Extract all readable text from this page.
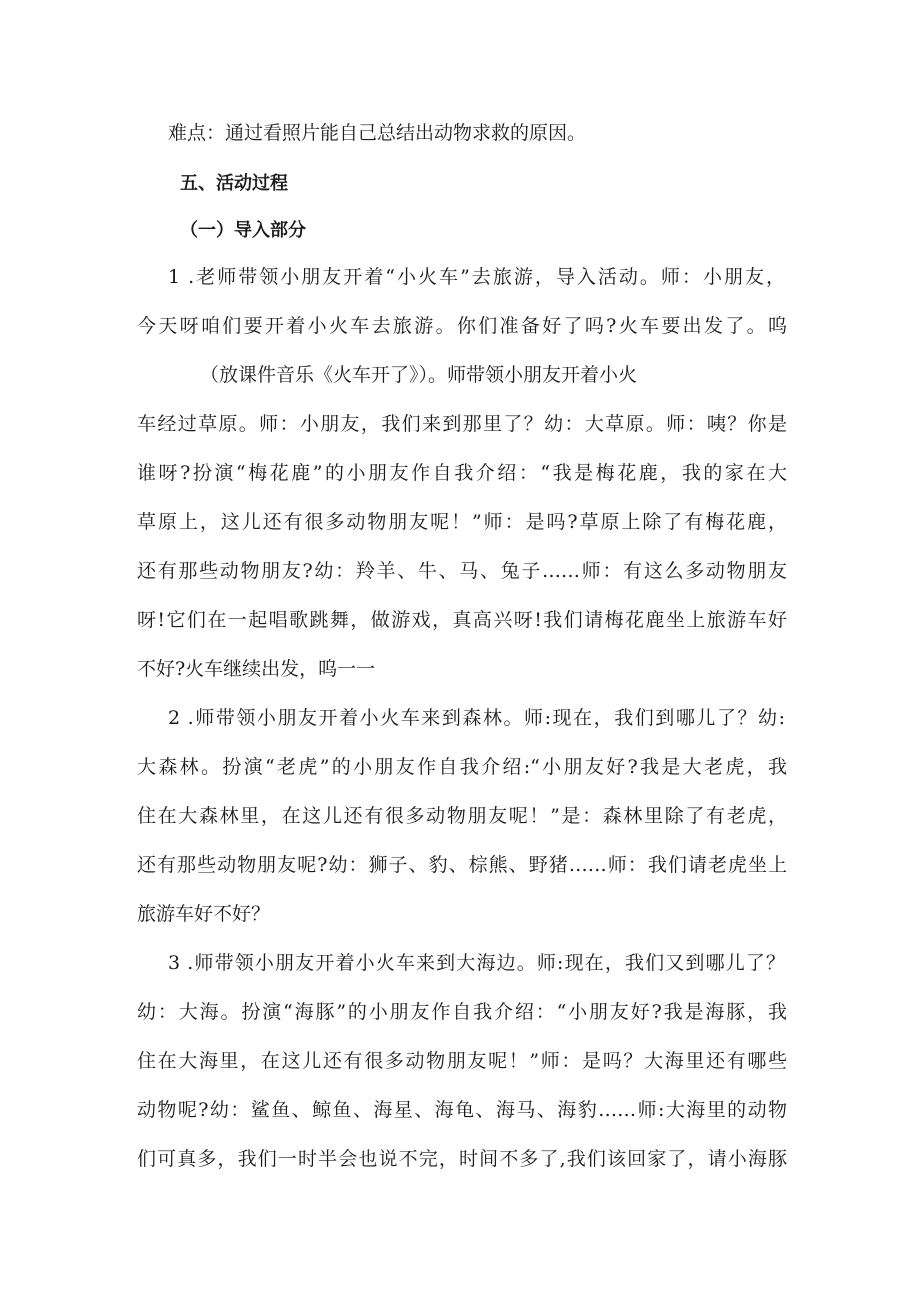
难点：通过看照片能自己总结出动物求救的原因。
五、活动过程
（一）导入部分
1 .老师带领小朋友开着“小火车”去旅游，导入活动。师：小朋友，
今天呀咱们要开着小火车去旅游。你们准备好了吗?火车要出发了。呜
（放课件音乐《火车开了》）。师带领小朋友开着小火
车经过草原。师：小朋友，我们来到那里了？幼：大草原。师：咦？你是
谁呀?扮演“梅花鹿”的小朋友作自我介绍：“我是梅花鹿，我的家在大
草原上，这儿还有很多动物朋友呢！”师：是吗?草原上除了有梅花鹿，
还有那些动物朋友?幼：羚羊、牛、马、兔子……师：有这么多动物朋友
呀!它们在一起唱歌跳舞，做游戏，真高兴呀!我们请梅花鹿坐上旅游车好
不好?火车继续出发，呜一一
2 .师带领小朋友开着小火车来到森林。师:现在，我们到哪儿了？幼:
大森林。扮演“老虎”的小朋友作自我介绍:“小朋友好?我是大老虎，我
住在大森林里，在这儿还有很多动物朋友呢！”是：森林里除了有老虎，
还有那些动物朋友呢?幼：狮子、豹、棕熊、野猪……师：我们请老虎坐上
旅游车好不好？
3 .师带领小朋友开着小火车来到大海边。师:现在，我们又到哪儿了？
幼：大海。扮演“海豚”的小朋友作自我介绍：“小朋友好?我是海豚，我
住在大海里，在这儿还有很多动物朋友呢！”师：是吗？大海里还有哪些
动物呢?幼：鲨鱼、鲸鱼、海星、海龟、海马、海豹……师:大海里的动物
们可真多，我们一时半会也说不完，时间不多了,我们该回家了，请小海豚
